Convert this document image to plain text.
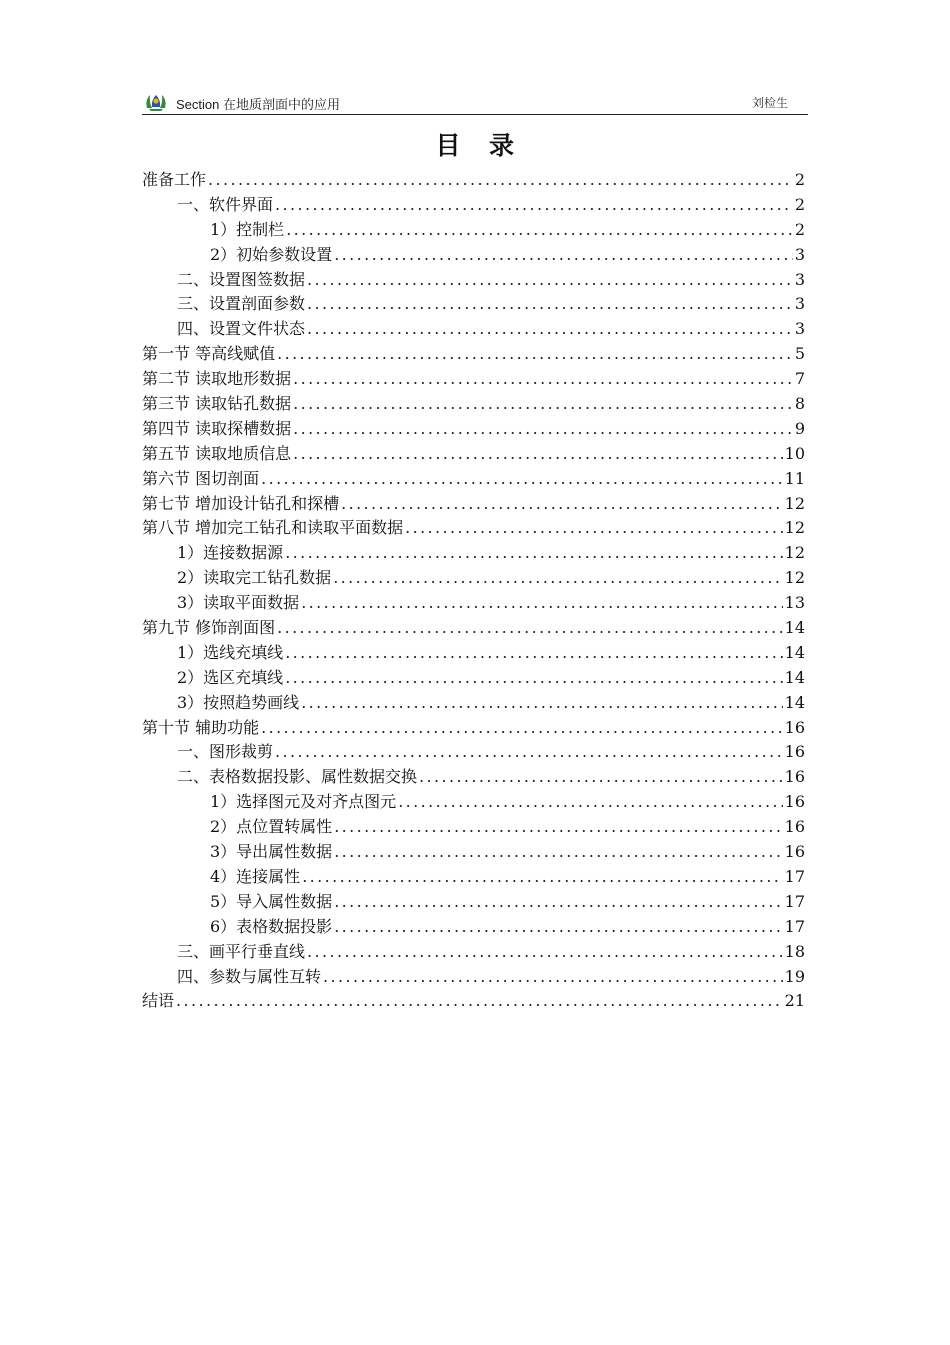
Section 在地质剖面中的应用	刘检生
目 录
准备工作 .....	2
一、软件界面 .....	2
1）控制栏 .....	2
2）初始参数设置 .....	3
二、设置图签数据 .....	3
三、设置剖面参数 .....	3
四、设置文件状态 .....	3
第一节 等高线赋值 .....	5
第二节 读取地形数据 .....	7
第三节 读取钻孔数据 .....	8
第四节 读取探槽数据 .....	9
第五节 读取地质信息 .....	10
第六节 图切剖面 .....	11
第七节 增加设计钻孔和探槽 .....	12
第八节 增加完工钻孔和读取平面数据 .....	12
1）连接数据源 .....	12
2）读取完工钻孔数据 .....	12
3）读取平面数据 .....	13
第九节 修饰剖面图 .....	14
1）选线充填线 .....	14
2）选区充填线 .....	14
3）按照趋势画线 .....	14
第十节 辅助功能 .....	16
一、图形裁剪 .....	16
二、表格数据投影、属性数据交换 .....	16
1）选择图元及对齐点图元 .....	16
2）点位置转属性 .....	16
3）导出属性数据 .....	16
4）连接属性 .....	17
5）导入属性数据 .....	17
6）表格数据投影 .....	17
三、画平行垂直线 .....	18
四、参数与属性互转 .....	19
结语 .....	21
